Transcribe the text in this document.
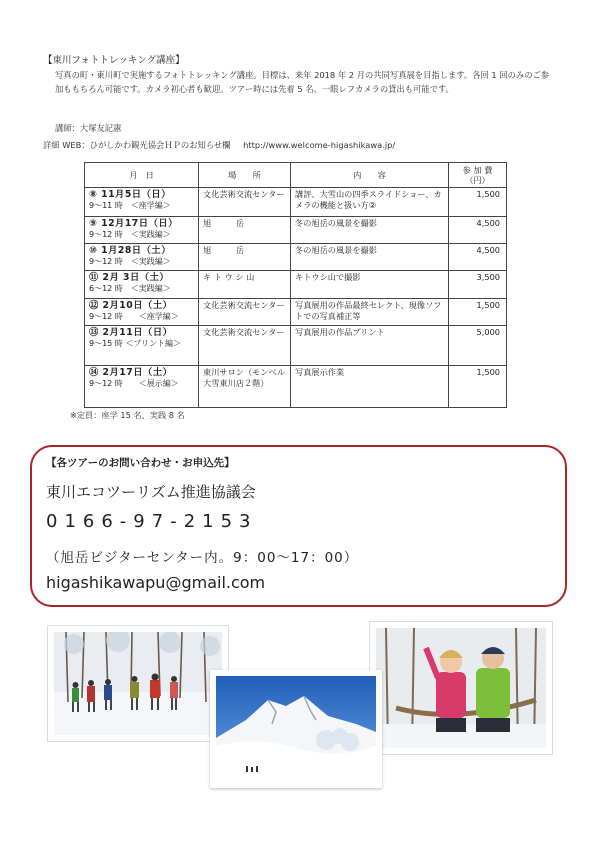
【東川フォトトレッキング講座】
写真の町・東川町で実施するフォトトレッキング講座。目標は、来年 2018 年 2 月の共同写真展を目指します。各回 1 回のみのご参加ももちろん可能です。カメラ初心者も歓迎。ツアー時には先着 5 名、一眼レフカメラの貸出も可能です。
講師：大塚友記憲
詳細 WEB：ひがしかわ観光協会ＨＰのお知らせ欄 http://www.welcome-higashikawa.jp/
月　日	場　　所	内　　容	参 加 費
（円）

⑧ 11月5日（日）
9～11 時　＜座学編＞	文化芸術交流センター	講評、大雪山の四季スライドショー、カメラの機能と扱い方②	1,500

⑨ 12月17日（日）
9～12 時　＜実践編＞	旭　　　岳	冬の旭岳の風景を撮影	4,500

⑩ 1月28日（土）
9～12 時　＜実践編＞	旭　　　岳	冬の旭岳の風景を撮影	4,500

⑪ 2月 3日（土）
6～12 時　＜実践編＞	キ ト ウ シ 山	キトウシ山で撮影	3,500

⑫ 2月10日（土）
9～12 時　　＜座学編＞	文化芸術交流センター	写真展用の作品最終セレクト、現像ソフトでの写真補正等	1,500

⑬ 2月11日（日）
9～15 時 ＜プリント編＞	文化芸術交流センター	写真展用の作品プリント	5,000

⑭ 2月17日（土）
9～12 時　　＜展示編＞	東川サロン（モンベル大雪東川店２階）	写真展示作業	1,500
※定員：座学 15 名、実践 8 名
【各ツアーのお問い合わせ・お申込先】
東川エコツーリズム推進協議会
0166-97-2153
（旭岳ビジターセンター内。9：00～17：00）
higashikawapu@gmail.com
